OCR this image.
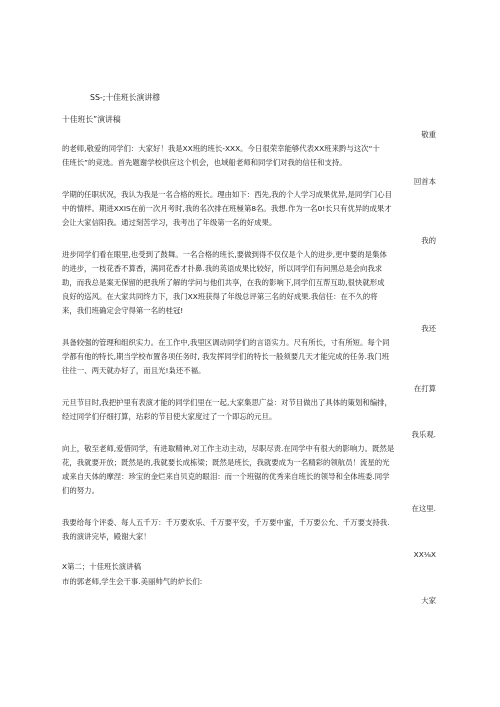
SS-;十佳班长演讲穆
十佳班长”演讲稿
敬重
的老师,敬爱的同学们：大家好！我是XX班的班长-XXX。今日很荣幸能够代表XX班来黔与这次“十
佳班长”的竞选。首先题谢学校供应这个机会，也域船老师和同学们对我的信任和支持。
回首本
学期的任职状况，我认为我是一名合格的班长。理由如下：西先,我的个人学习成果优异,是同学门心目
中的情样。期进XXIS在前一次月考时,我的名次排在班極第8名。我想.作为一名0!长只有优异的成果才
会让大家信阳我。通过刻苦学习，我考出了年级第一名的好成果。
我的
进步同学们看在眼里,也受到了鼓舞。一名合格的班长,要做到得不仅仅是个人的进步,更中要的是集体
的进步，一枝花香不算香，满同花香才扑鼻.我的英语成果比较好，所以同学们有问黑总是会向我求
助，而我总是案无保留的把我所了解的学问与他们共享，在我的影响下,同学们互帮互助,很快就形成
良好的巡风。在大家共同终力下，我门XX班获得了年级总评第三名的好成果.我信任：在不久的将
来，我们班确定会守得第一名的桂冠!
我还
具备较强的管理和组织实力。在工作中,我里区调动同学们的言语实力。尺有所长，寸有所短。每个同
学都有他的特长,期当学校布置各项任务时, 我发挥同学们的特长一般须要几天才能完成的任务.我门班
往往一、两天就办好了，而且光!枭还不褔。
在打算
元旦节目时,我把护里有表演才能的同学们里在一起,大家集思广益：对节目做出了具体的策划和编排，
经过同学们仔细打算，玷彩的节目使大家度过了一个即忘的元旦。
我乐观.
向上，敬至老师,爱惜同学，有进取精神,对工作主动主动，尽职尽责.在同学中有很大的影响力。既然是
花，我就要开放；既然是的,我就要长成栋梁；既然是班长，我就要成为一名精彩的领航员！流星的光
或来自天体的摩涅：珍宝的金烂来自贝克的眼泪：而一个班锯的优秀来自班长的领导和全体班委.同学
们的努力。
在这里.
我要给每个评委、每人五千万：千万要欢乐、千万要平安，千万要中蜜，千万要公允、千万要支持我.
我的演讲完毕，殿谢大家！
XX⅛X
X第二；十佳班长演讲稿
市的郭老师,学生会干事.美丽帅气的炉长们:
大家
